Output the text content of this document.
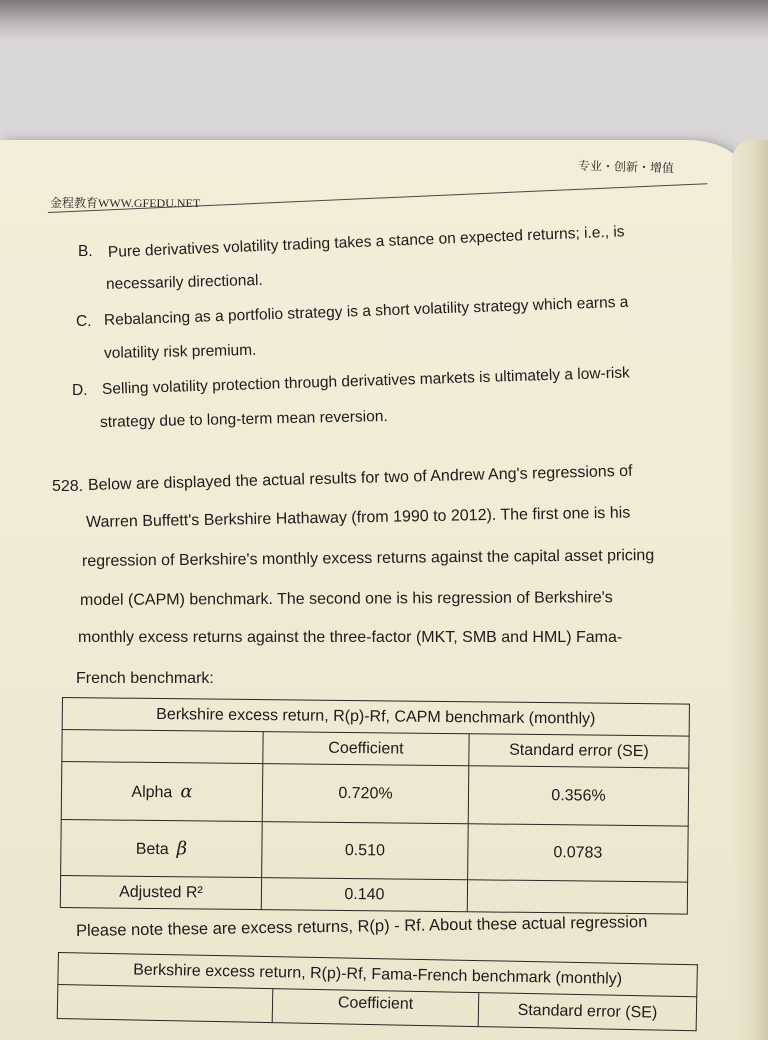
专业・创新・增值
金程教育WWW.GFEDU.NET
B. Pure derivatives volatility trading takes a stance on expected returns; i.e., is
necessarily directional.
C. Rebalancing as a portfolio strategy is a short volatility strategy which earns a
volatility risk premium.
D. Selling volatility protection through derivatives markets is ultimately a low-risk
strategy due to long-term mean reversion.
528. Below are displayed the actual results for two of Andrew Ang's regressions of
Warren Buffett's Berkshire Hathaway (from 1990 to 2012). The first one is his
regression of Berkshire's monthly excess returns against the capital asset pricing
model (CAPM) benchmark. The second one is his regression of Berkshire's
monthly excess returns against the three-factor (MKT, SMB and HML) Fama-
French benchmark:
Berkshire excess return, R(p)-Rf, CAPM benchmark (monthly)		
	Coefficient	Standard error (SE)
Alpha α	0.720%	0.356%
Beta β	0.510	0.0783
Adjusted R²	0.140	
Please note these are excess returns, R(p) - Rf. About these actual regression
Berkshire excess return, R(p)-Rf, Fama-French benchmark (monthly)
	Coefficient	Standard error (SE)
